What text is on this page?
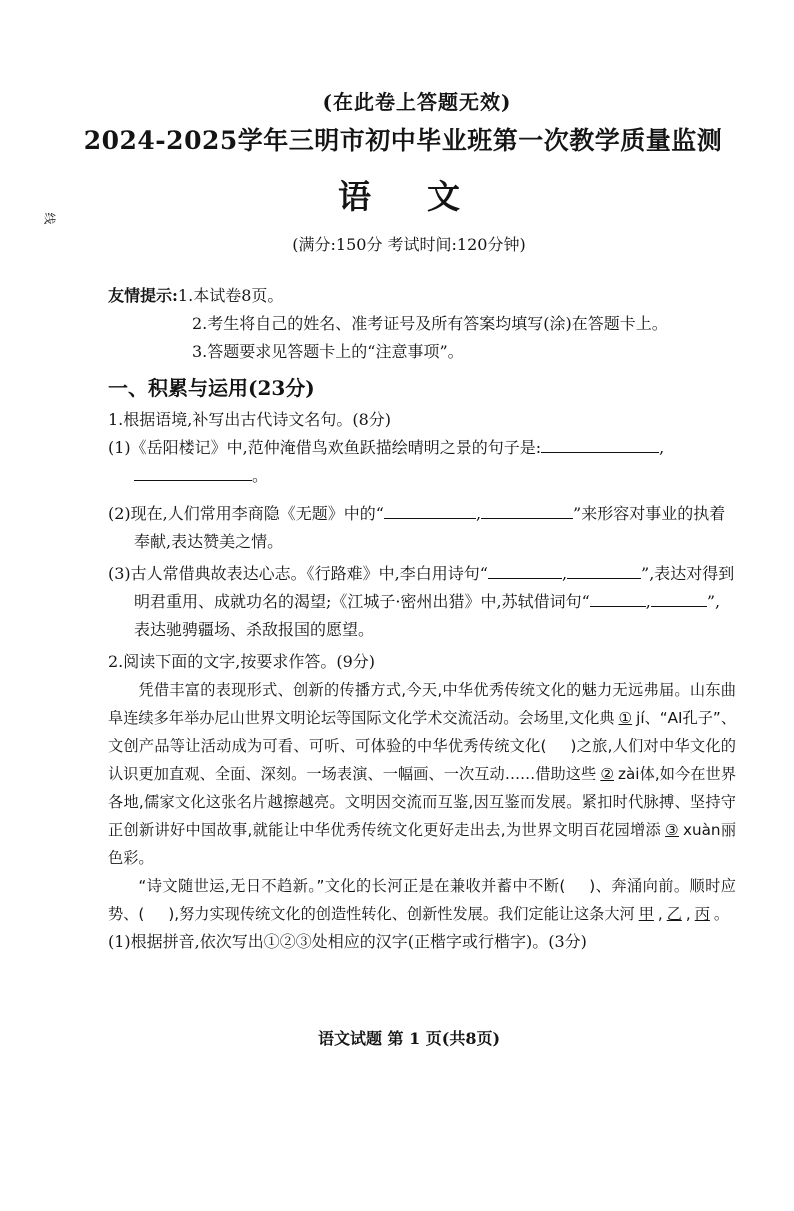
线
(在此卷上答题无效)
2024-2025学年三明市初中毕业班第一次教学质量监测
语文
(满分:150分 考试时间:120分钟)
友情提示:1.本试卷8页。
2.考生将自己的姓名、准考证号及所有答案均填写(涂)在答题卡上。
3.答题要求见答题卡上的“注意事项”。
一、积累与运用(23分)
1.根据语境,补写出古代诗文名句。(8分)
(1)《岳阳楼记》中,范仲淹借鸟欢鱼跃描绘晴明之景的句子是:	,
。
(2)现在,人们常用李商隐《无题》中的“	,	”来形容对事业的执着奉献,表达赞美之情。
(3)古人常借典故表达心志。《行路难》中,李白用诗句“	,	”,表达对得到明君重用、成就功名的渴望;《江城子·密州出猎》中,苏轼借词句“	,	”,表达驰骋疆场、杀敌报国的愿望。
2.阅读下面的文字,按要求作答。(9分)
凭借丰富的表现形式、创新的传播方式,今天,中华优秀传统文化的魅力无远弗届。山东曲阜连续多年举办尼山世界文明论坛等国际文化学术交流活动。会场里,文化典 ① jí、“AI孔子”、文创产品等让活动成为可看、可听、可体验的中华优秀传统文化( )之旅,人们对中华文化的认识更加直观、全面、深刻。一场表演、一幅画、一次互动……借助这些 ② zài体,如今在世界各地,儒家文化这张名片越擦越亮。文明因交流而互鉴,因互鉴而发展。紧扣时代脉搏、坚持守正创新讲好中国故事,就能让中华优秀传统文化更好走出去,为世界文明百花园增添 ③ xuàn丽色彩。
“诗文随世运,无日不趋新。”文化的长河正是在兼收并蓄中不断( )、奔涌向前。顺时应势、( ),努力实现传统文化的创造性转化、创新性发展。我们定能让这条大河 甲 , 乙 , 丙 。
(1)根据拼音,依次写出①②③处相应的汉字(正楷字或行楷字)。(3分)
语文试题 第 1 页(共8页)
